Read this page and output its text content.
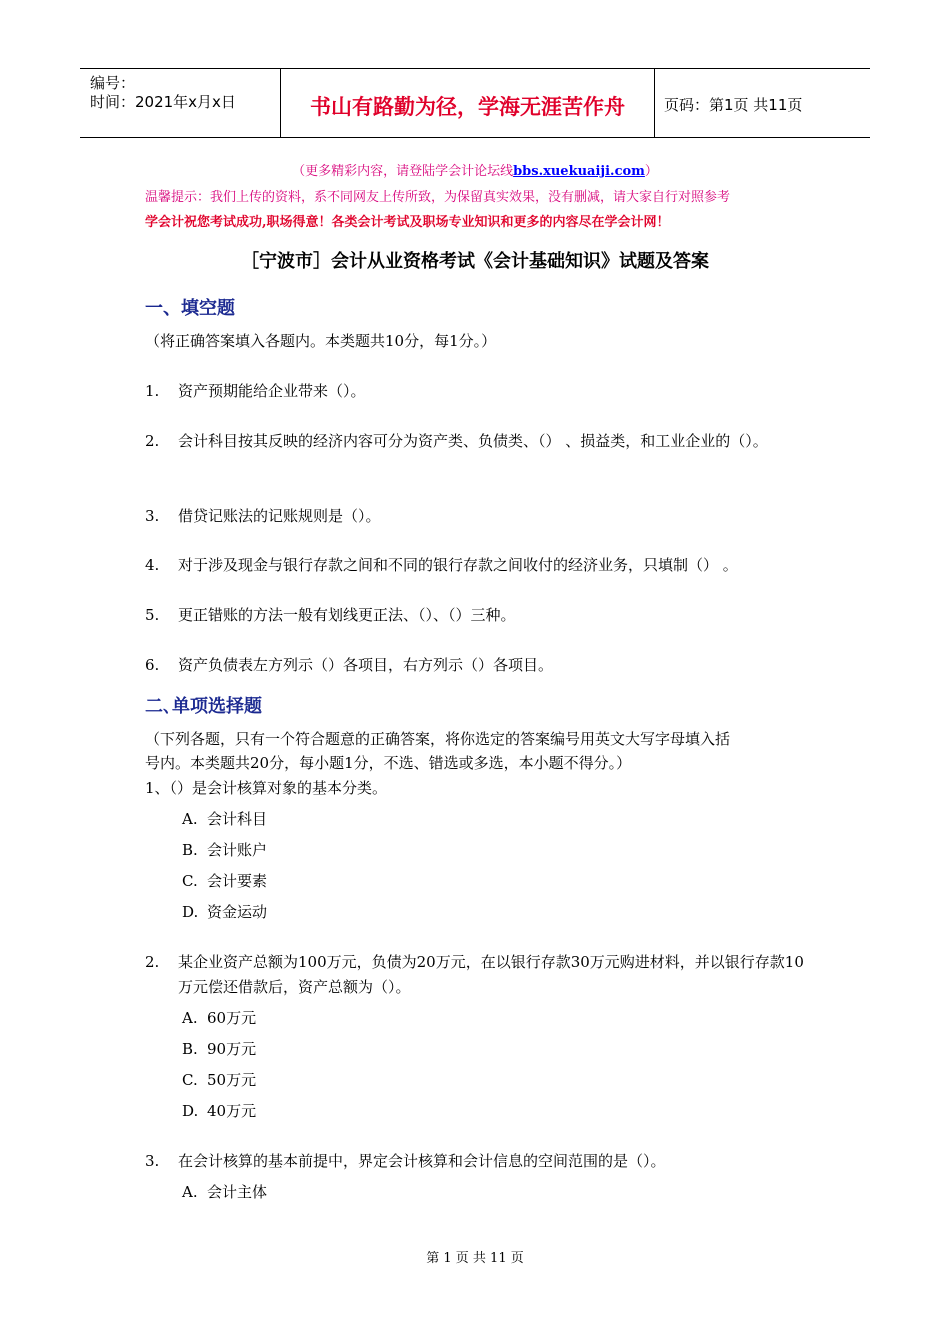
编号：
时间：2021年x月x日	书山有路勤为径，学海无涯苦作舟	页码：第1页 共11页
（更多精彩内容，请登陆学会计论坛线bbs.xuekuaiji.com）
温馨提示：我们上传的资料，系不同网友上传所致，为保留真实效果，没有删减，请大家自行对照参考
学会计祝您考试成功,职场得意！各类会计考试及职场专业知识和更多的内容尽在学会计网！
［宁波市］会计从业资格考试《会计基础知识》试题及答案
一、填空题
（将正确答案填入各题内。本类题共10分，每1分。）
1. 资产预期能给企业带来（）。
2. 会计科目按其反映的经济内容可分为资产类、负债类、（） 、损益类，和工业企业的（）。
3. 借贷记账法的记账规则是（）。
4. 对于涉及现金与银行存款之间和不同的银行存款之间收付的经济业务，只填制（） 。
5. 更正错账的方法一般有划线更正法、（）、（）三种。
6. 资产负债表左方列示（）各项目，右方列示（）各项目。
二､单项选择题
（下列各题，只有一个符合题意的正确答案，将你选定的答案编号用英文大写字母填入括
号内。本类题共20分，每小题1分，不选、错选或多选，本小题不得分。）
1、（）是会计核算对象的基本分类。
A. 会计科目
B. 会计账户
C. 会计要素
D. 资金运动
2. 某企业资产总额为100万元，负债为20万元，在以银行存款30万元购进材料，并以银行存款10万元偿还借款后，资产总额为（）。
A. 60万元
B. 90万元
C. 50万元
D. 40万元
3. 在会计核算的基本前提中，界定会计核算和会计信息的空间范围的是（）。
A. 会计主体
第 1 页 共 11 页
